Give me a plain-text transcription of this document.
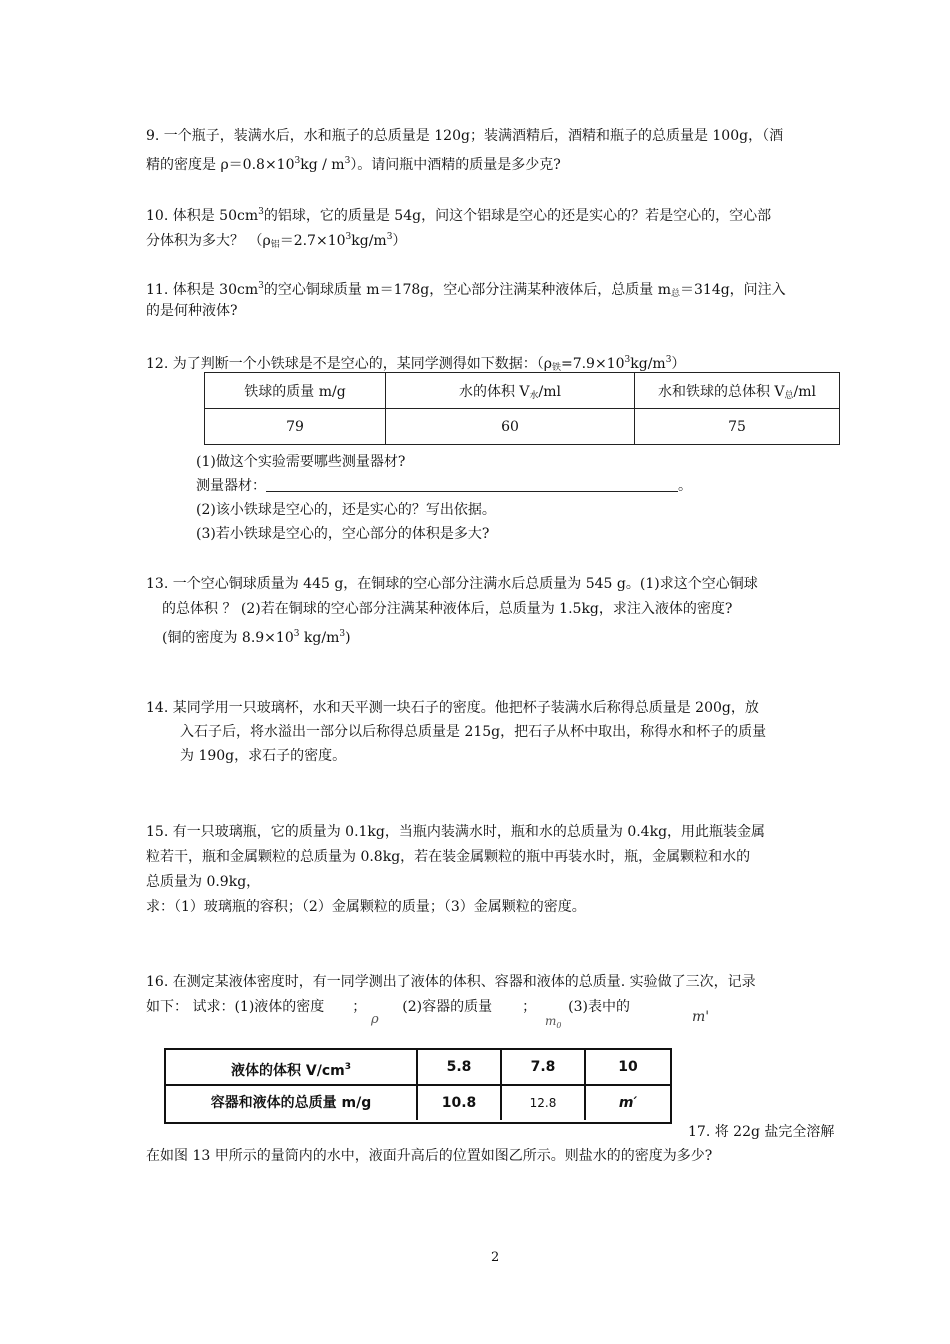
9. 一个瓶子，装满水后，水和瓶子的总质量是 120g；装满酒精后，酒精和瓶子的总质量是 100g，（酒
精的密度是 $\rho=0.8\times 10^3kg / m^3$）。请问瓶中酒精的质量是多少克?
10. 体积是 $50cm^3$的铝球，它的质量是 54g，问这个铝球是空心的还是实心的？若是空心的，空心部
分体积为多大？ $(\rho_铝=2.7\times 10^3kg/m^3)$
11. 体积是 $30cm^3$的空心铜球质量 m＝178g，空心部分注满某种液体后，总质量 $m_总=314g$，问注入
的是何种液体?
12. 为了判断一个小铁球是不是空心的，某同学测得如下数据：$(\rho_铁=7.9\times 10^3kg/m^3)$
铁球的质量 m/g	水的体积 $V_水/ml$	水和铁球的总体积 $V_总/ml$
79	60	75
(1)做这个实验需要哪些测量器材?
测量器材：	。
(2)该小铁球是空心的，还是实心的？写出依据。
(3)若小铁球是空心的，空心部分的体积是多大?
13. 一个空心铜球质量为 445 g，在铜球的空心部分注满水后总质量为 545 g。(1)求这个空心铜球
的总体积 ？ (2)若在铜球的空心部分注满某种液体后，总质量为 1.5kg，求注入液体的密度?
(铜的密度为 $8.9\times 10^3$ $kg/m^3$)
14. 某同学用一只玻璃杯，水和天平测一块石子的密度。他把杯子装满水后称得总质量是 200g，放
入石子后，将水溢出一部分以后称得总质量是 215g，把石子从杯中取出，称得水和杯子的质量
为 190g，求石子的密度。
15. 有一只玻璃瓶，它的质量为 0.1kg，当瓶内装满水时，瓶和水的总质量为 0.4kg，用此瓶装金属
粒若干，瓶和金属颗粒的总质量为 0.8kg，若在装金属颗粒的瓶中再装水时，瓶，金属颗粒和水的
总质量为 0.9kg，
求：（1）玻璃瓶的容积；（2）金属颗粒的质量；（3）金属颗粒的密度。
16. 在测定某液体密度时，有一同学测出了液体的体积、容器和液体的总质量. 实验做了三次，记录
如下： 试求：(1)液体的密度 ；	(2)容器的质量 ； (3)表中的
ρ	$m_0$
m'
液体的体积 $V/cm^3$	5.8	7.8	10
容器和液体的总质量 m/g	10.8	12.8	m′
17. 将 22g 盐完全溶解
在如图 13 甲所示的量筒内的水中，液面升高后的位置如图乙所示。则盐水的的密度为多少?
2
